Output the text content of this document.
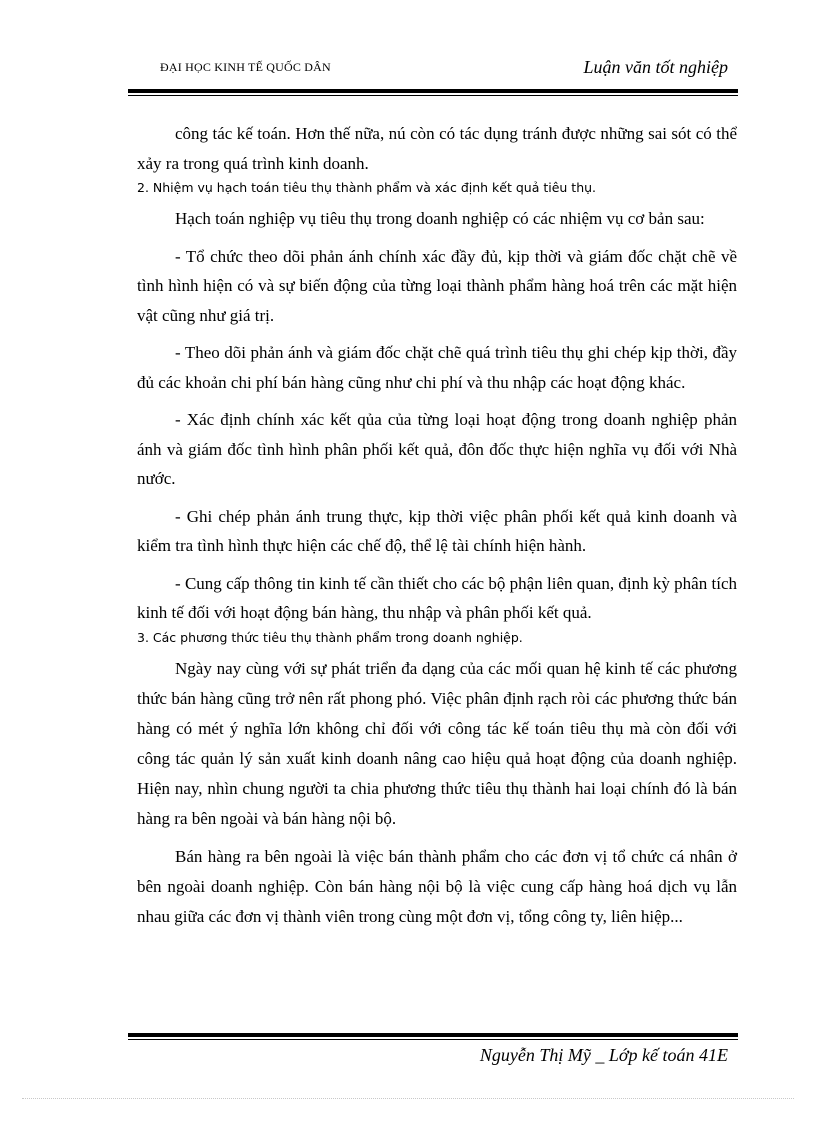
ĐẠI HỌC KINH TẾ QUỐC DÂN	Luận văn tốt nghiệp

công tác kế toán. Hơn thế nữa, nú còn có tác dụng tránh được những sai sót có thể xảy ra trong quá trình kinh doanh.

2. Nhiệm vụ hạch toán tiêu thụ thành phẩm và xác định kết quả tiêu thụ.

Hạch toán nghiệp vụ tiêu thụ trong doanh nghiệp có các nhiệm vụ cơ bản sau:

- Tổ chức theo dõi phản ánh chính xác đầy đủ, kịp thời và giám đốc chặt chẽ về tình hình hiện có và sự biến động của từng loại thành phẩm hàng hoá trên các mặt hiện vật cũng như giá trị.

- Theo dõi phản ánh và giám đốc chặt chẽ quá trình tiêu thụ ghi chép kịp thời, đầy đủ các khoản chi phí bán hàng cũng như chi phí và thu nhập các hoạt động khác.

- Xác định chính xác kết qủa của từng loại hoạt động trong doanh nghiệp phản ánh và giám đốc tình hình phân phối kết quả, đôn đốc thực hiện nghĩa vụ đối với Nhà nước.

- Ghi chép phản ánh trung thực, kịp thời việc phân phối kết quả kinh doanh và kiểm tra tình hình thực hiện các chế độ, thể lệ tài chính hiện hành.

- Cung cấp thông tin kinh tế cần thiết cho các bộ phận liên quan, định kỳ phân tích kinh tế đối với hoạt động bán hàng, thu nhập và phân phối kết quả.

3. Các phương thức tiêu thụ thành phẩm trong doanh nghiệp.

Ngày nay cùng với sự phát triển đa dạng của các mối quan hệ kinh tế các phương thức bán hàng cũng trở nên rất phong phó. Việc phân định rạch ròi các phương thức bán hàng có mét ý nghĩa lớn không chỉ đối với công tác kế toán tiêu thụ mà còn đối với công tác quản lý sản xuất kinh doanh nâng cao hiệu quả hoạt động của doanh nghiệp. Hiện nay, nhìn chung người ta chia phương thức tiêu thụ thành hai loại chính đó là bán hàng ra bên ngoài và bán hàng nội bộ.

Bán hàng ra bên ngoài là việc bán thành phẩm cho các đơn vị tổ chức cá nhân ở bên ngoài doanh nghiệp. Còn bán hàng nội bộ là việc cung cấp hàng hoá dịch vụ lẫn nhau giữa các đơn vị thành viên trong cùng một đơn vị, tổng công ty, liên hiệp...

Nguyễn Thị Mỹ _ Lớp kế toán 41E
